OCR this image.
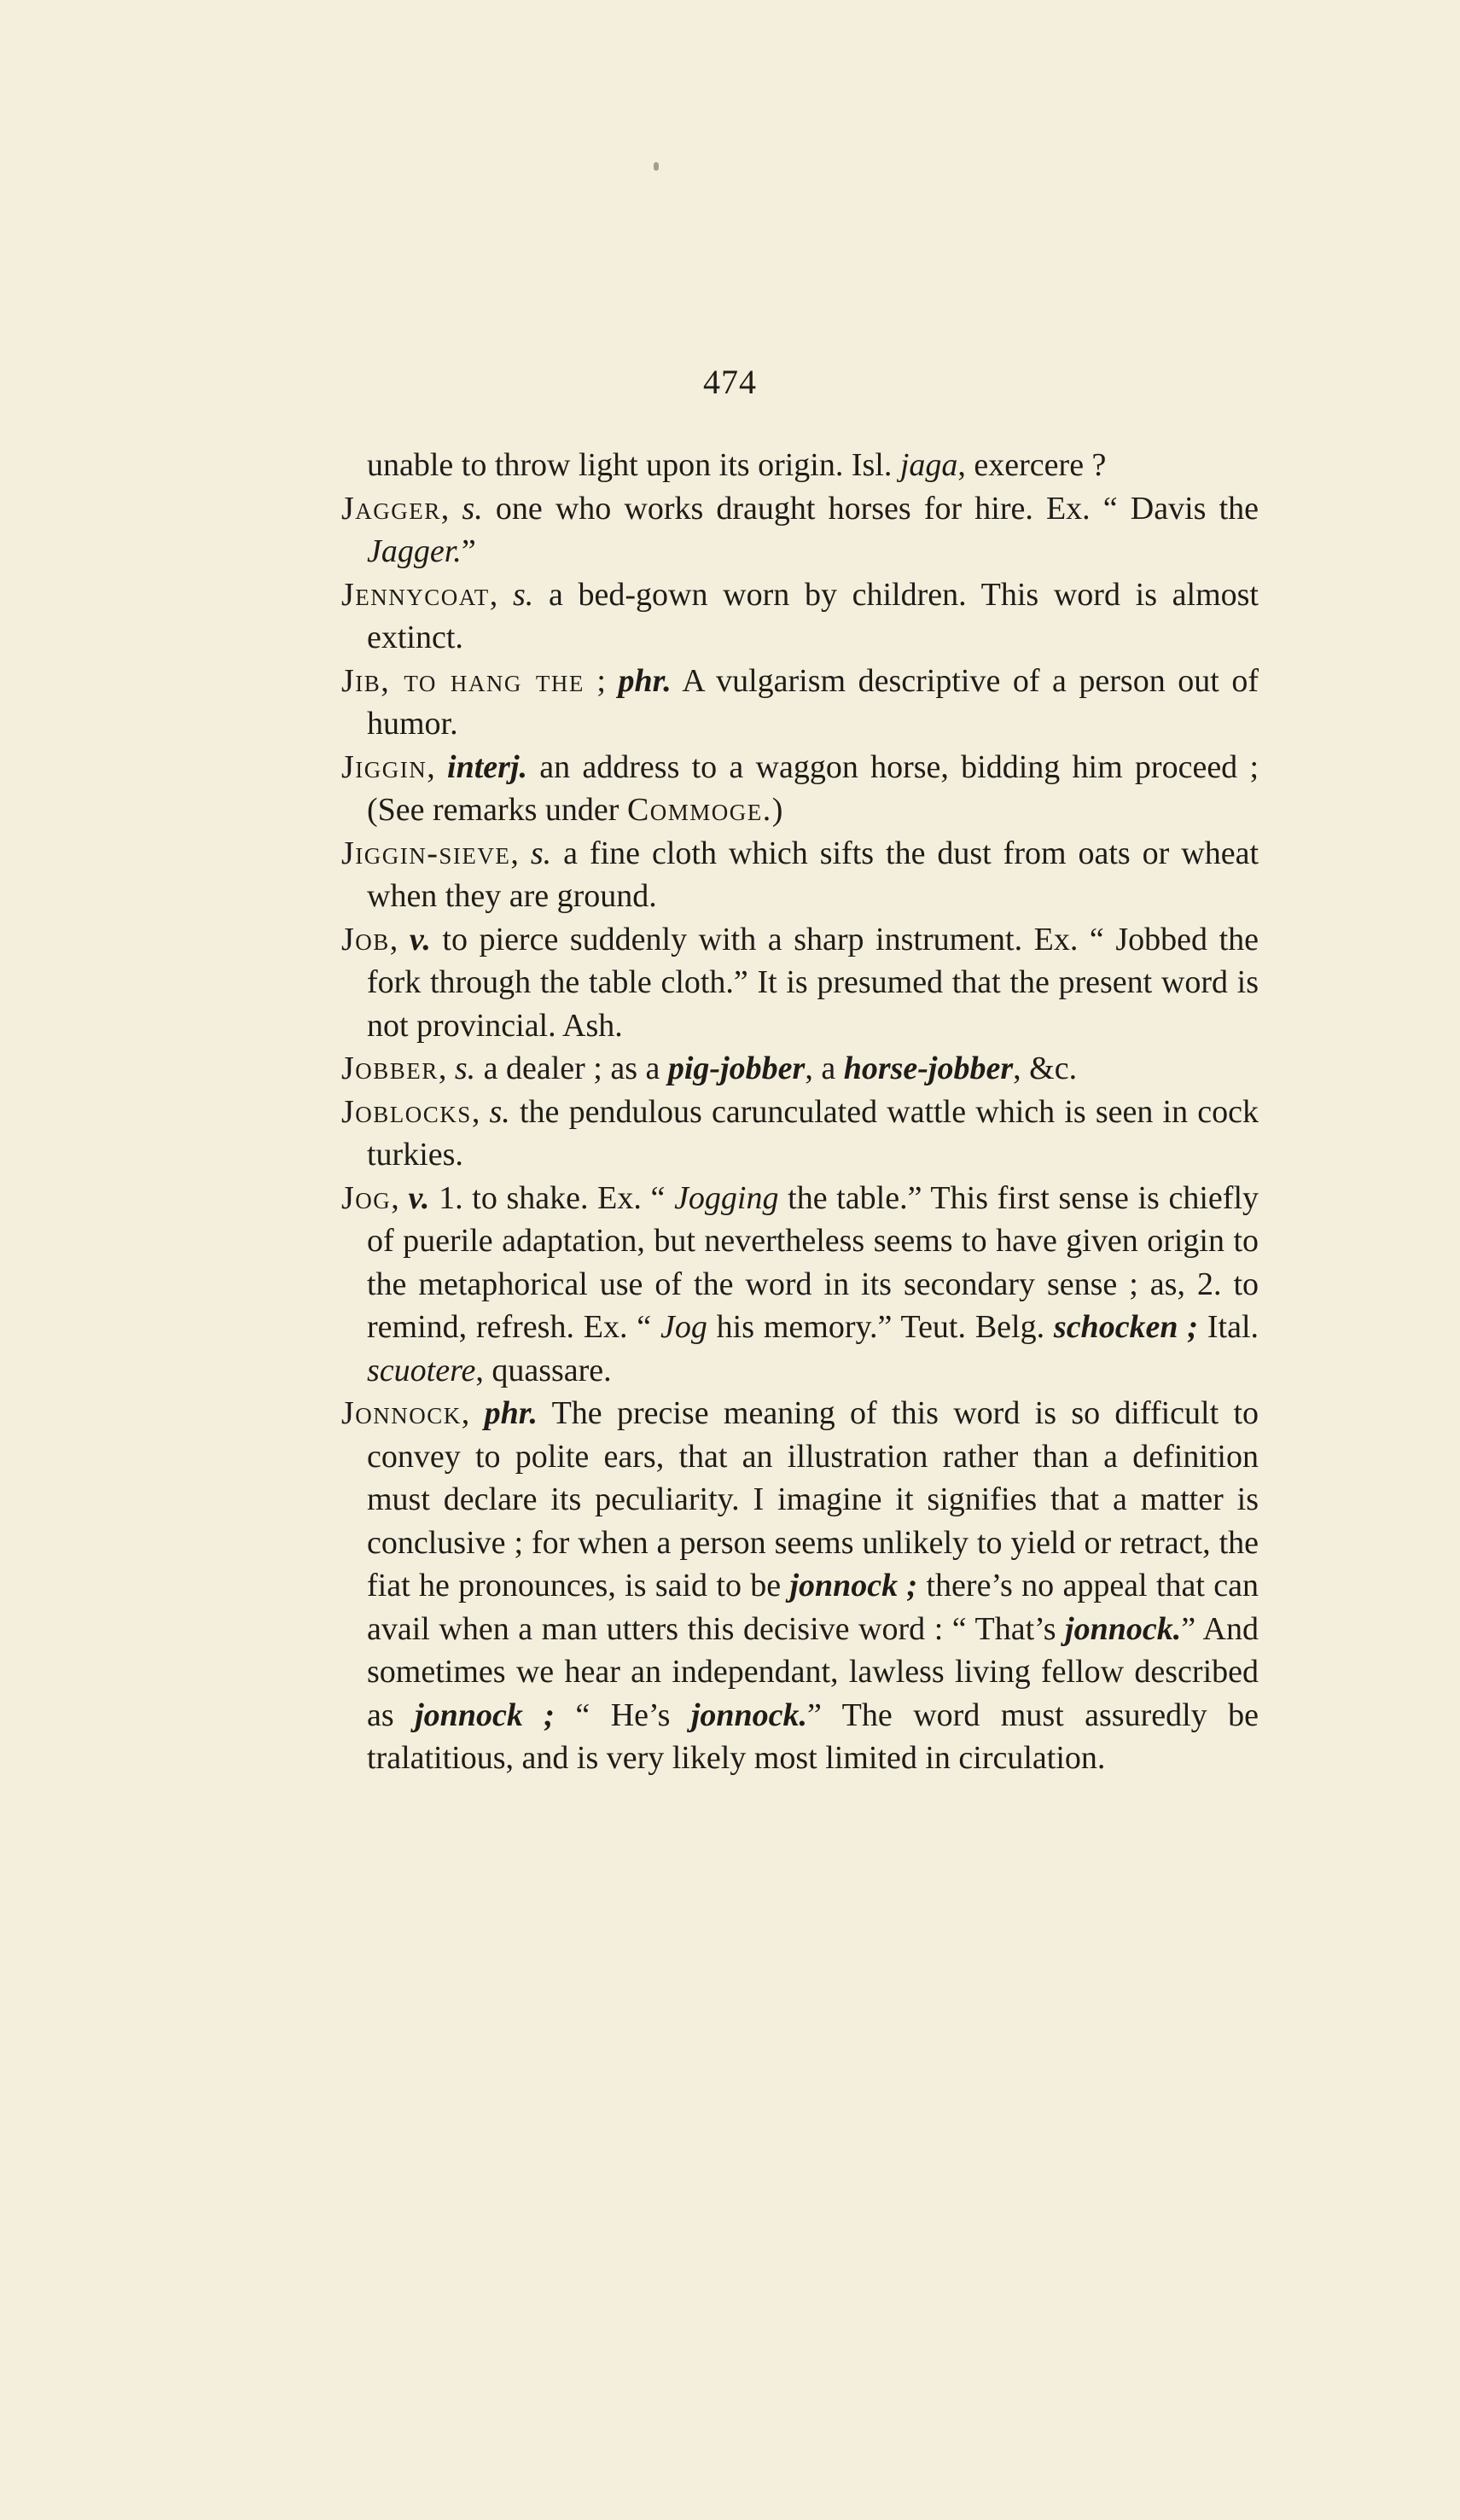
474

unable to throw light upon its origin. Isl. jaga, exercere ?

Jagger, s. one who works draught horses for hire. Ex. “ Davis the Jagger.”

Jennycoat, s. a bed-gown worn by children. This word is almost extinct.

Jib, to hang the ; phr. A vulgarism descriptive of a person out of humor.

Jiggin, interj. an address to a waggon horse, bidding him proceed ; (See remarks under Commoge.)

Jiggin-sieve, s. a fine cloth which sifts the dust from oats or wheat when they are ground.

Job, v. to pierce suddenly with a sharp instrument. Ex. “ Jobbed the fork through the table cloth.” It is presumed that the present word is not provincial. Ash.

Jobber, s. a dealer ; as a pig-jobber, a horse-jobber, &c.

Joblocks, s. the pendulous carunculated wattle which is seen in cock turkies.

Jog, v. 1. to shake. Ex. “ Jogging the table.” This first sense is chiefly of puerile adaptation, but nevertheless seems to have given origin to the metaphorical use of the word in its secondary sense ; as, 2. to remind, refresh. Ex. “ Jog his memory.” Teut. Belg. schocken ; Ital. scuotere, quassare.

Jonnock, phr. The precise meaning of this word is so difficult to convey to polite ears, that an illustration rather than a definition must declare its peculiarity. I imagine it signifies that a matter is conclusive ; for when a person seems unlikely to yield or retract, the fiat he pronounces, is said to be jonnock ; there’s no appeal that can avail when a man utters this decisive word : “ That’s jonnock.” And sometimes we hear an independant, lawless living fellow described as jonnock ; “ He’s jonnock.” The word must assuredly be tralatitious, and is very likely most limited in circulation.
